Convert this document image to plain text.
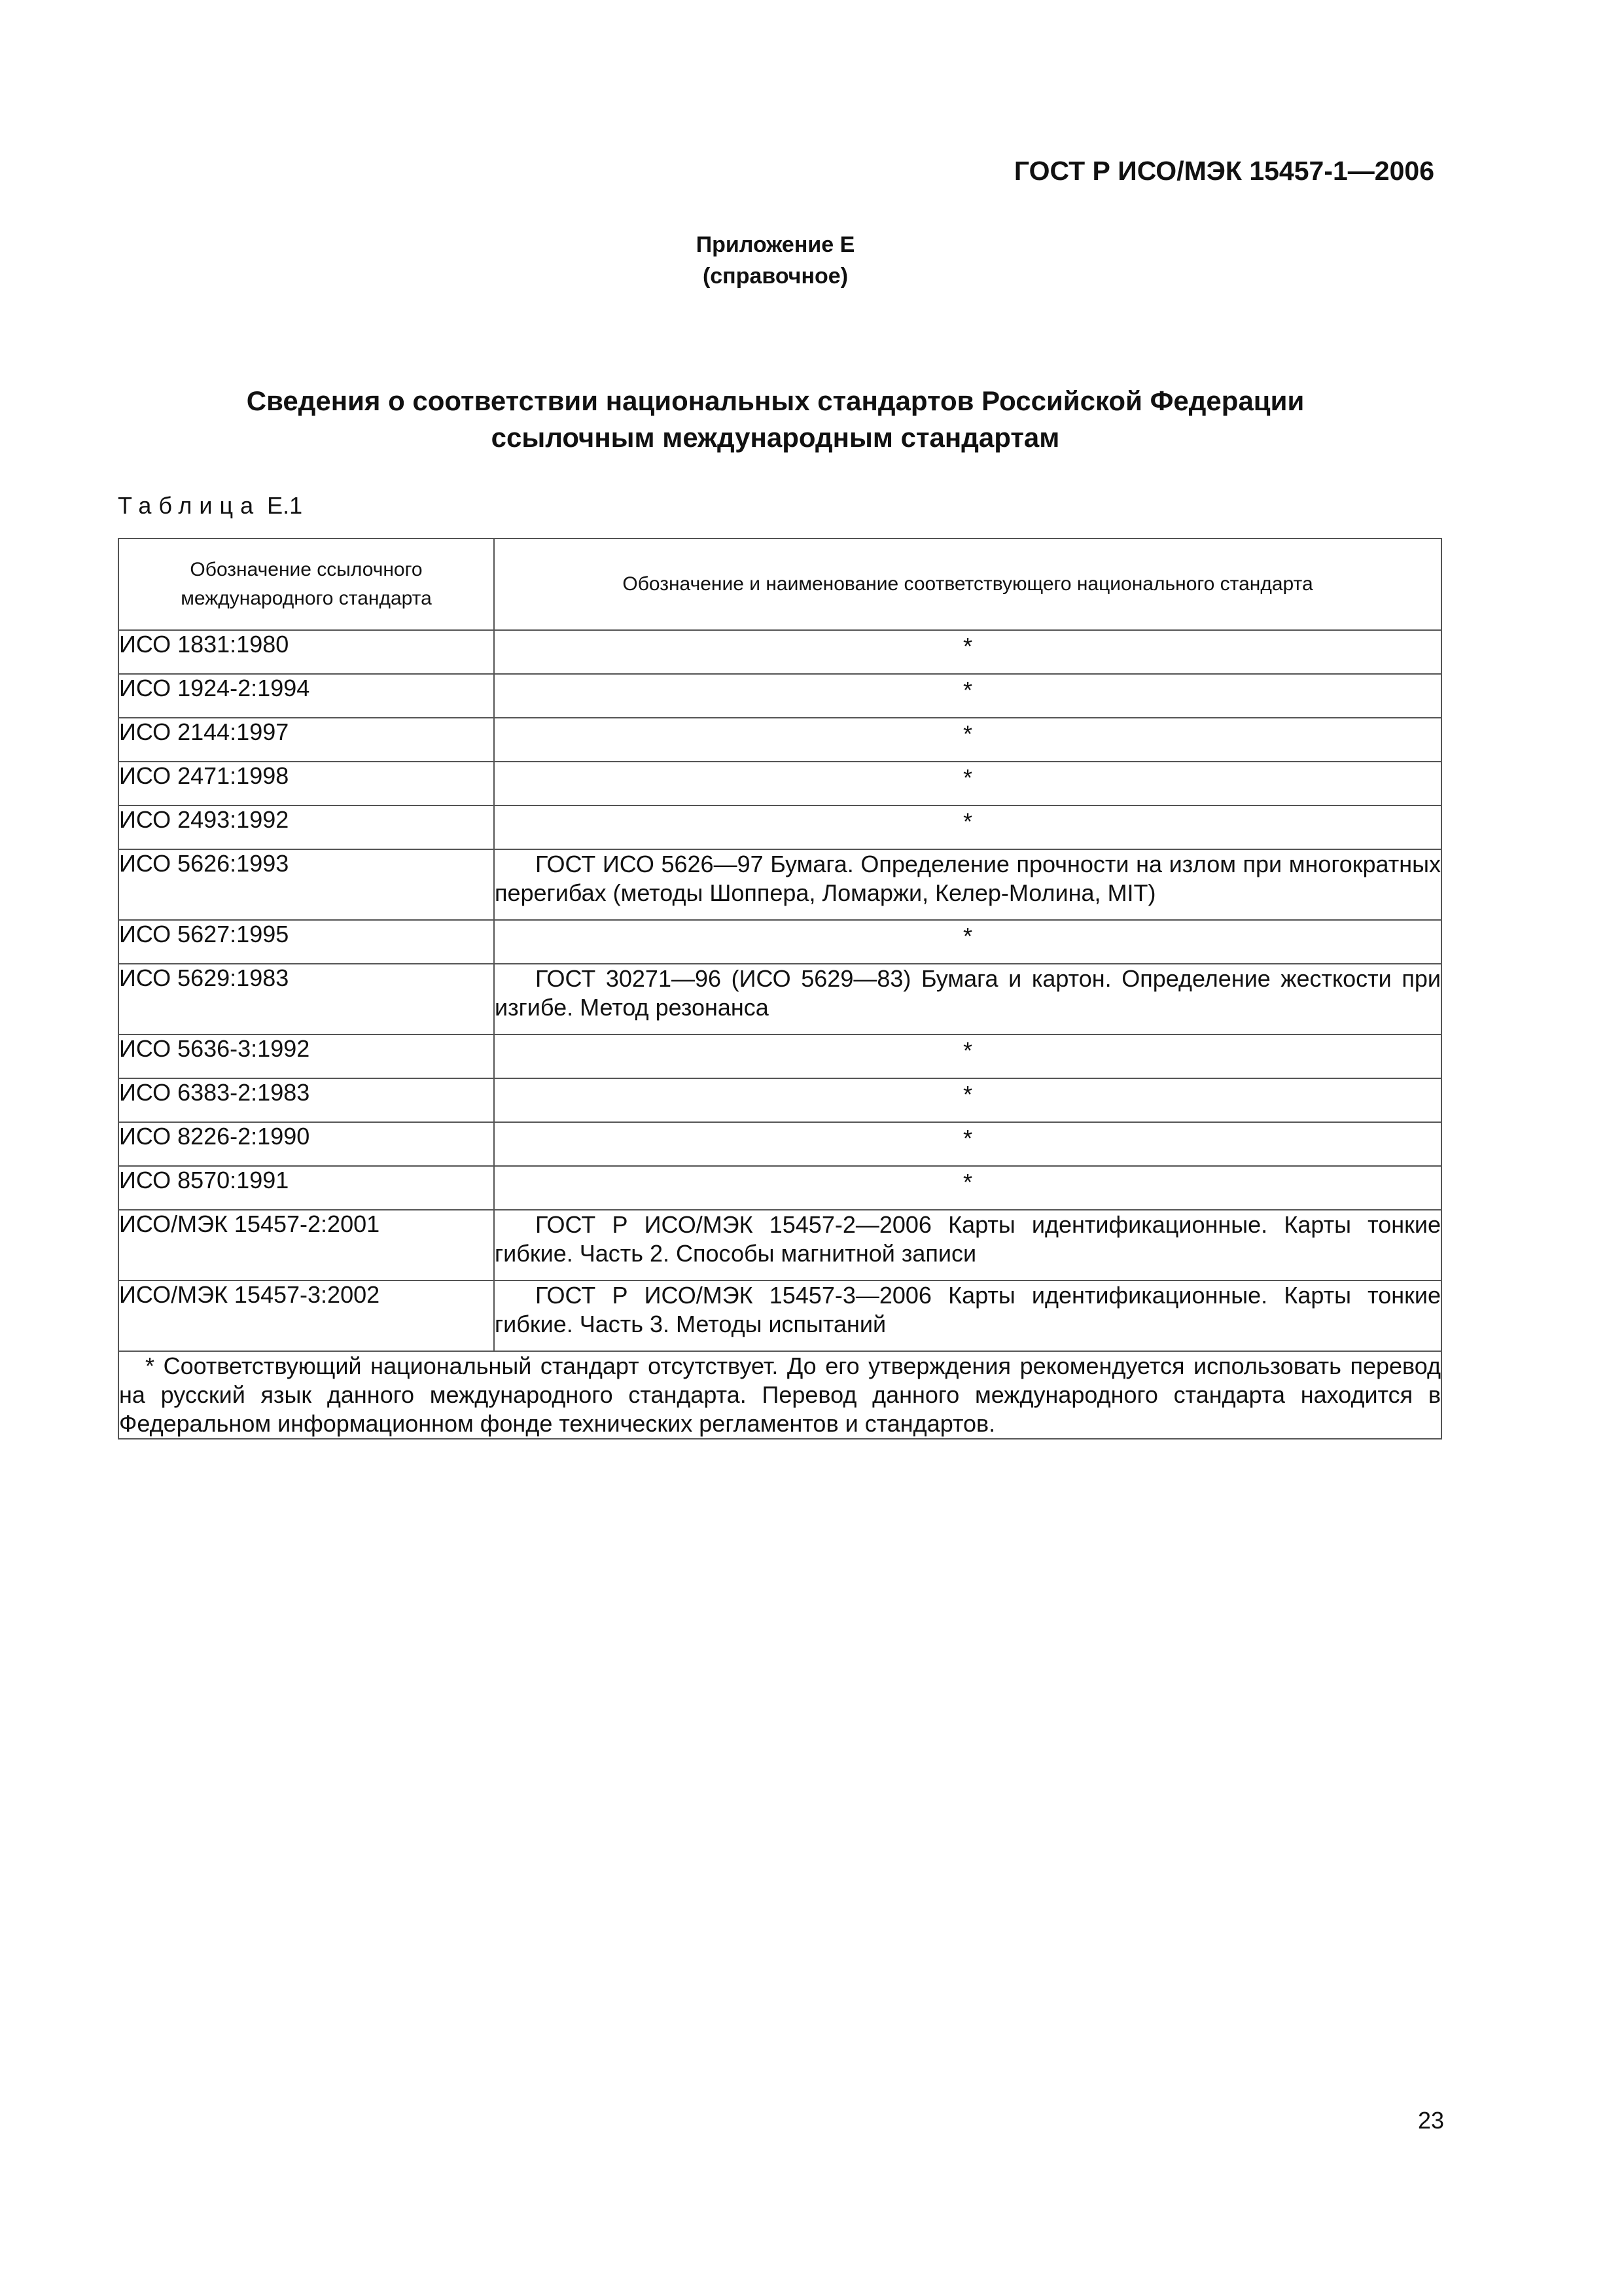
ГОСТ Р ИСО/МЭК 15457-1—2006
Приложение Е
(справочное)
Сведения о соответствии национальных стандартов Российской Федерации
ссылочным международным стандартам
Таблица Е.1
Обозначение ссылочного международного стандарта	Обозначение и наименование соответствующего национального стандарта
ИСО 1831:1980	*
ИСО 1924-2:1994	*
ИСО 2144:1997	*
ИСО 2471:1998	*
ИСО 2493:1992	*
ИСО 5626:1993	ГОСТ ИСО 5626—97 Бумага. Определение прочности на излом при многократных перегибах (методы Шоппера, Ломаржи, Келер-Молина, MIT)
ИСО 5627:1995	*
ИСО 5629:1983	ГОСТ 30271—96 (ИСО 5629—83) Бумага и картон. Определение жесткости при изгибе. Метод резонанса
ИСО 5636-3:1992	*
ИСО 6383-2:1983	*
ИСО 8226-2:1990	*
ИСО 8570:1991	*
ИСО/МЭК 15457-2:2001	ГОСТ Р ИСО/МЭК 15457-2—2006 Карты идентификационные. Карты тонкие гибкие. Часть 2. Способы магнитной записи
ИСО/МЭК 15457-3:2002	ГОСТ Р ИСО/МЭК 15457-3—2006 Карты идентификационные. Карты тонкие гибкие. Часть 3. Методы испытаний
* Соответствующий национальный стандарт отсутствует. До его утверждения рекомендуется использовать перевод на русский язык данного международного стандарта. Перевод данного международного стандарта находится в Федеральном информационном фонде технических регламентов и стандартов.	
23
